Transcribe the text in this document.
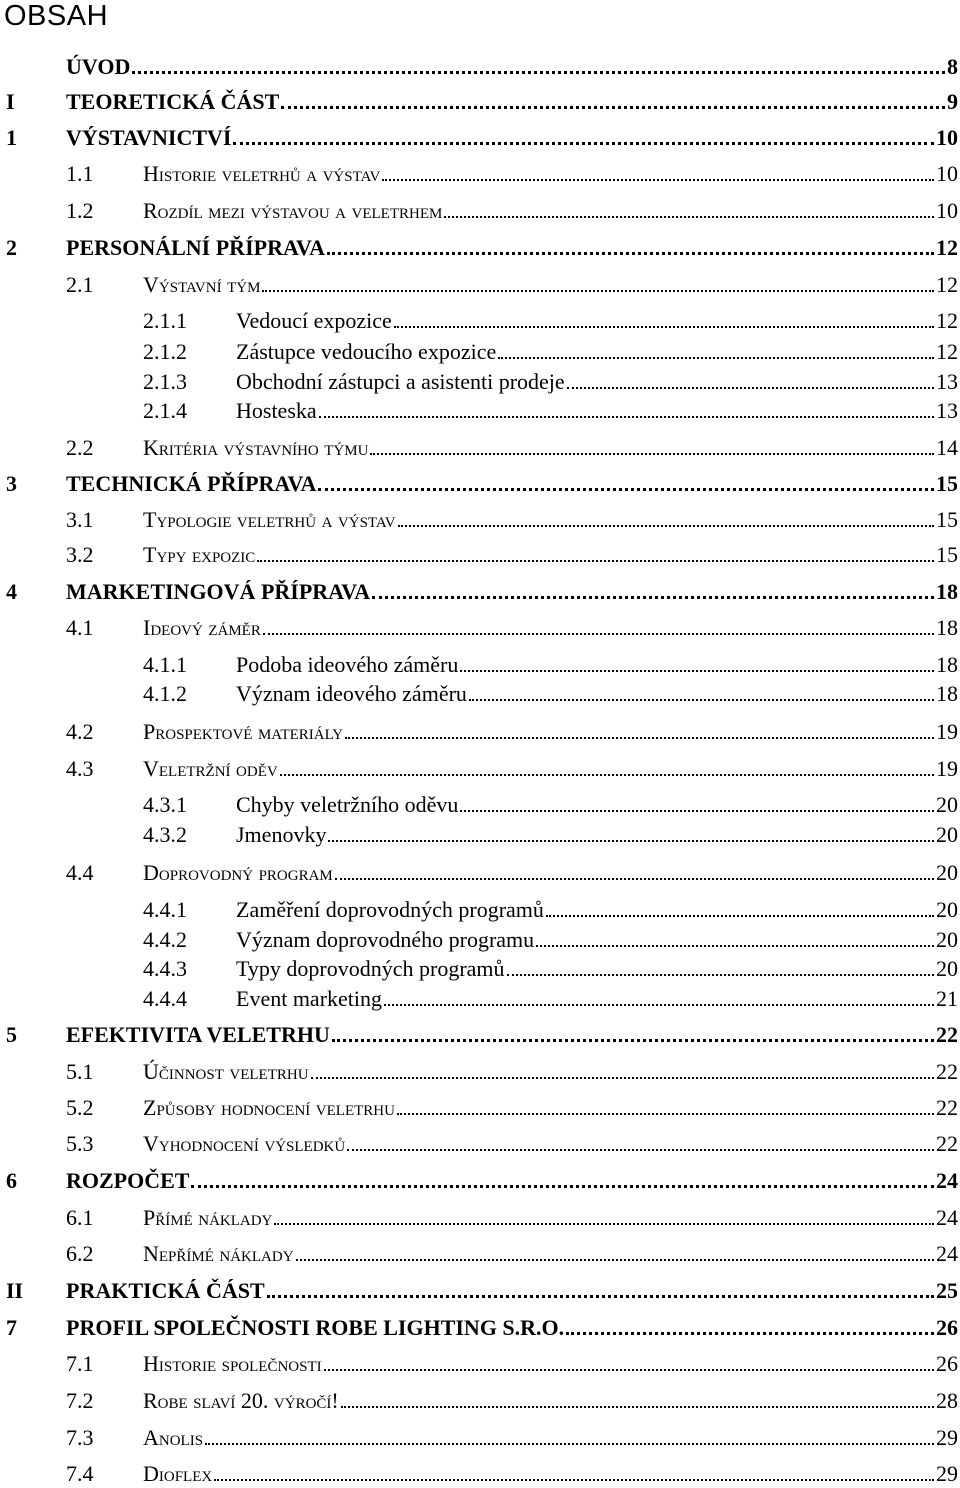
OBSAH
ÚVOD	8
I	TEORETICKÁ ČÁST	9
1	VÝSTAVNICTVÍ	10
1.1 Historie veletrhů a výstav	10
1.2 Rozdíl mezi výstavou a veletrhem	10
2	PERSONÁLNÍ PŘÍPRAVA	12
2.1 Výstavní tým	12
2.1.1 Vedoucí expozice	12
2.1.2 Zástupce vedoucího expozice	12
2.1.3 Obchodní zástupci a asistenti prodeje	13
2.1.4 Hosteska	13
2.2 Kritéria výstavního týmu	14
3	TECHNICKÁ PŘÍPRAVA	15
3.1 Typologie veletrhů a výstav	15
3.2 Typy expozic	15
4	MARKETINGOVÁ PŘÍPRAVA	18
4.1 Ideový záměr	18
4.1.1 Podoba ideového záměru	18
4.1.2 Význam ideového záměru	18
4.2 Prospektové materiály	19
4.3 Veletržní oděv	19
4.3.1 Chyby veletržního oděvu	20
4.3.2 Jmenovky	20
4.4 Doprovodný program	20
4.4.1 Zaměření doprovodných programů	20
4.4.2 Význam doprovodného programu	20
4.4.3 Typy doprovodných programů	20
4.4.4 Event marketing	21
5	EFEKTIVITA VELETRHU	22
5.1 Účinnost veletrhu	22
5.2 Způsoby hodnocení veletrhu	22
5.3 Vyhodnocení výsledků	22
6	ROZPOČET	24
6.1 Přímé náklady	24
6.2 Nepřímé náklady	24
II	PRAKTICKÁ ČÁST	25
7	PROFIL SPOLEČNOSTI ROBE LIGHTING S.R.O.	26
7.1 Historie společnosti	26
7.2 Robe slaví 20. výročí!	28
7.3 Anolis	29
7.4 Dioflex	29
